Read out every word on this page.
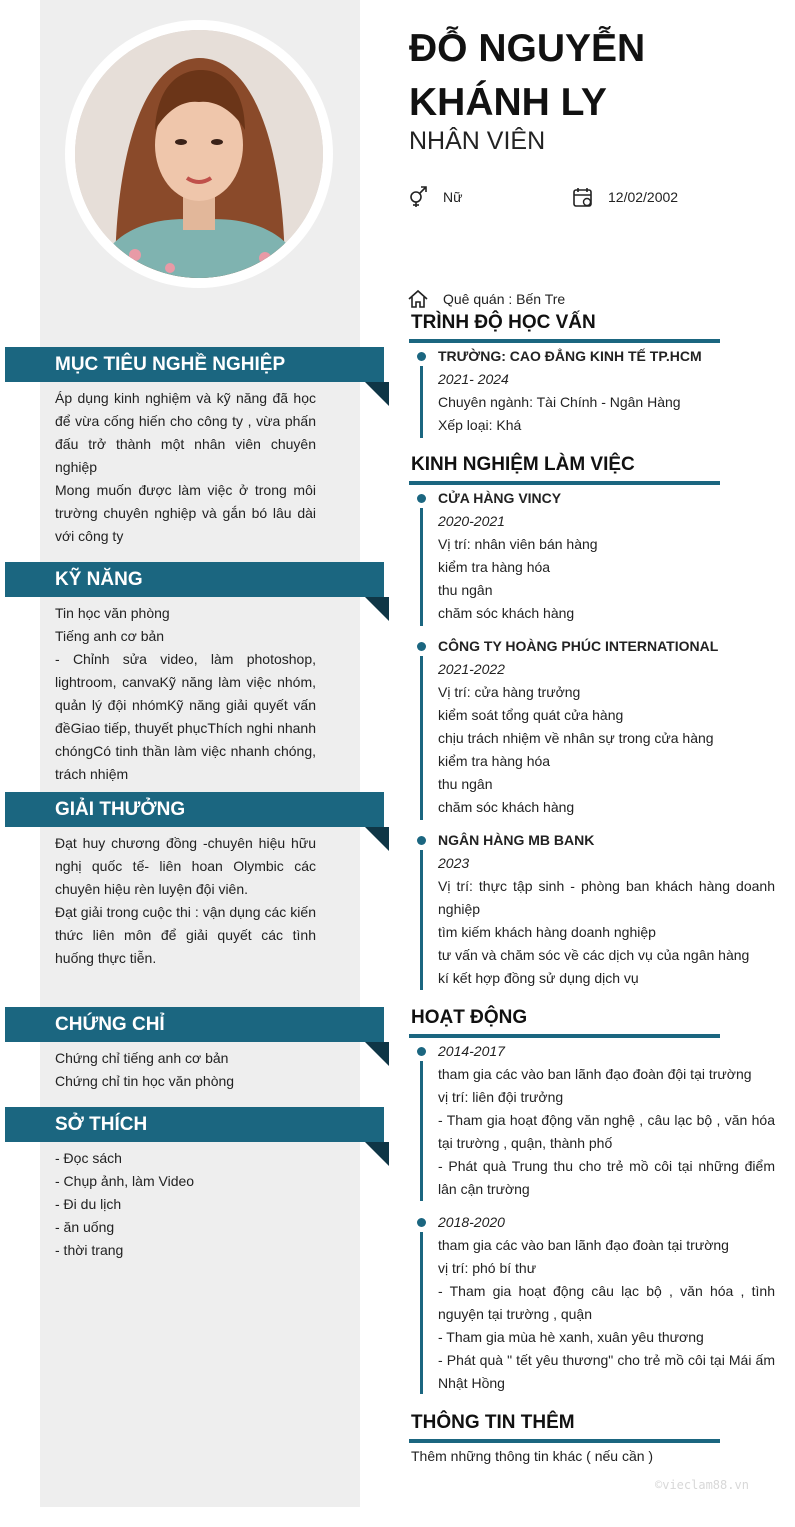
MỤC TIÊU NGHỀ NGHIỆP

Áp dụng kinh nghiệm và kỹ năng đã học để vừa cống hiến cho công ty , vừa phấn đấu trở thành một nhân viên chuyên nghiệp

Mong muốn được làm việc ở trong môi trường chuyên nghiệp và gắn bó lâu dài với công ty

KỸ NĂNG

Tin học văn phòng

Tiếng anh cơ bản

- Chỉnh sửa video, làm photoshop, lightroom, canvaKỹ năng làm việc nhóm, quản lý đội nhómKỹ năng giải quyết vấn đềGiao tiếp, thuyết phụcThích nghi nhanh chóngCó tinh thần làm việc nhanh chóng, trách nhiệm

GIẢI THƯỞNG

Đạt huy chương đồng -chuyên hiệu hữu nghị quốc tế- liên hoan Olymbic các chuyên hiệu rèn luyện đội viên.

Đạt giải trong cuộc thi : vận dụng các kiến thức liên môn để giải quyết các tình huống thực tiễn.

CHỨNG CHỈ

Chứng chỉ tiếng anh cơ bản

Chứng chỉ tin học văn phòng

SỞ THÍCH

- Đọc sách

- Chụp ảnh, làm Video

- Đi du lịch

- ăn uống

- thời trang

ĐỖ NGUYỄN KHÁNH LY
NHÂN VIÊN
Nữ	12/02/2002
Quê quán : Bến Tre
TRÌNH ĐỘ HỌC VẤN

TRƯỜNG: CAO ĐẲNG KINH TẾ TP.HCM

2021- 2024

Chuyên ngành: Tài Chính - Ngân Hàng

Xếp loại: Khá

KINH NGHIỆM LÀM VIỆC

CỬA HÀNG VINCY

2020-2021

Vị trí: nhân viên bán hàng

kiểm tra hàng hóa

thu ngân

chăm sóc khách hàng

CÔNG TY HOÀNG PHÚC INTERNATIONAL

2021-2022

Vị trí: cửa hàng trưởng

kiểm soát tổng quát cửa hàng

chịu trách nhiệm về nhân sự trong cửa hàng

kiểm tra hàng hóa

thu ngân

chăm sóc khách hàng

NGÂN HÀNG MB BANK

2023

Vị trí: thực tập sinh - phòng ban khách hàng doanh nghiệp

tìm kiếm khách hàng doanh nghiệp

tư vấn và chăm sóc về các dịch vụ của ngân hàng

kí kết hợp đồng sử dụng dịch vụ

HOẠT ĐỘNG

2014-2017

tham gia các vào ban lãnh đạo đoàn đội tại trường

vị trí: liên đội trưởng

- Tham gia hoạt động văn nghệ , câu lạc bộ , văn hóa tại trường , quận, thành phố

- Phát quà Trung thu cho trẻ mồ côi tại những điểm lân cận trường

2018-2020

tham gia các vào ban lãnh đạo đoàn tại trường

vị trí: phó bí thư

- Tham gia hoạt động câu lạc bộ , văn hóa , tình nguyện tại trường , quận

- Tham gia mùa hè xanh, xuân yêu thương

- Phát quà " tết yêu thương" cho trẻ mồ côi tại Mái ấm Nhật Hồng

THÔNG TIN THÊM
Thêm những thông tin khác ( nếu cần )
©vieclam88.vn
